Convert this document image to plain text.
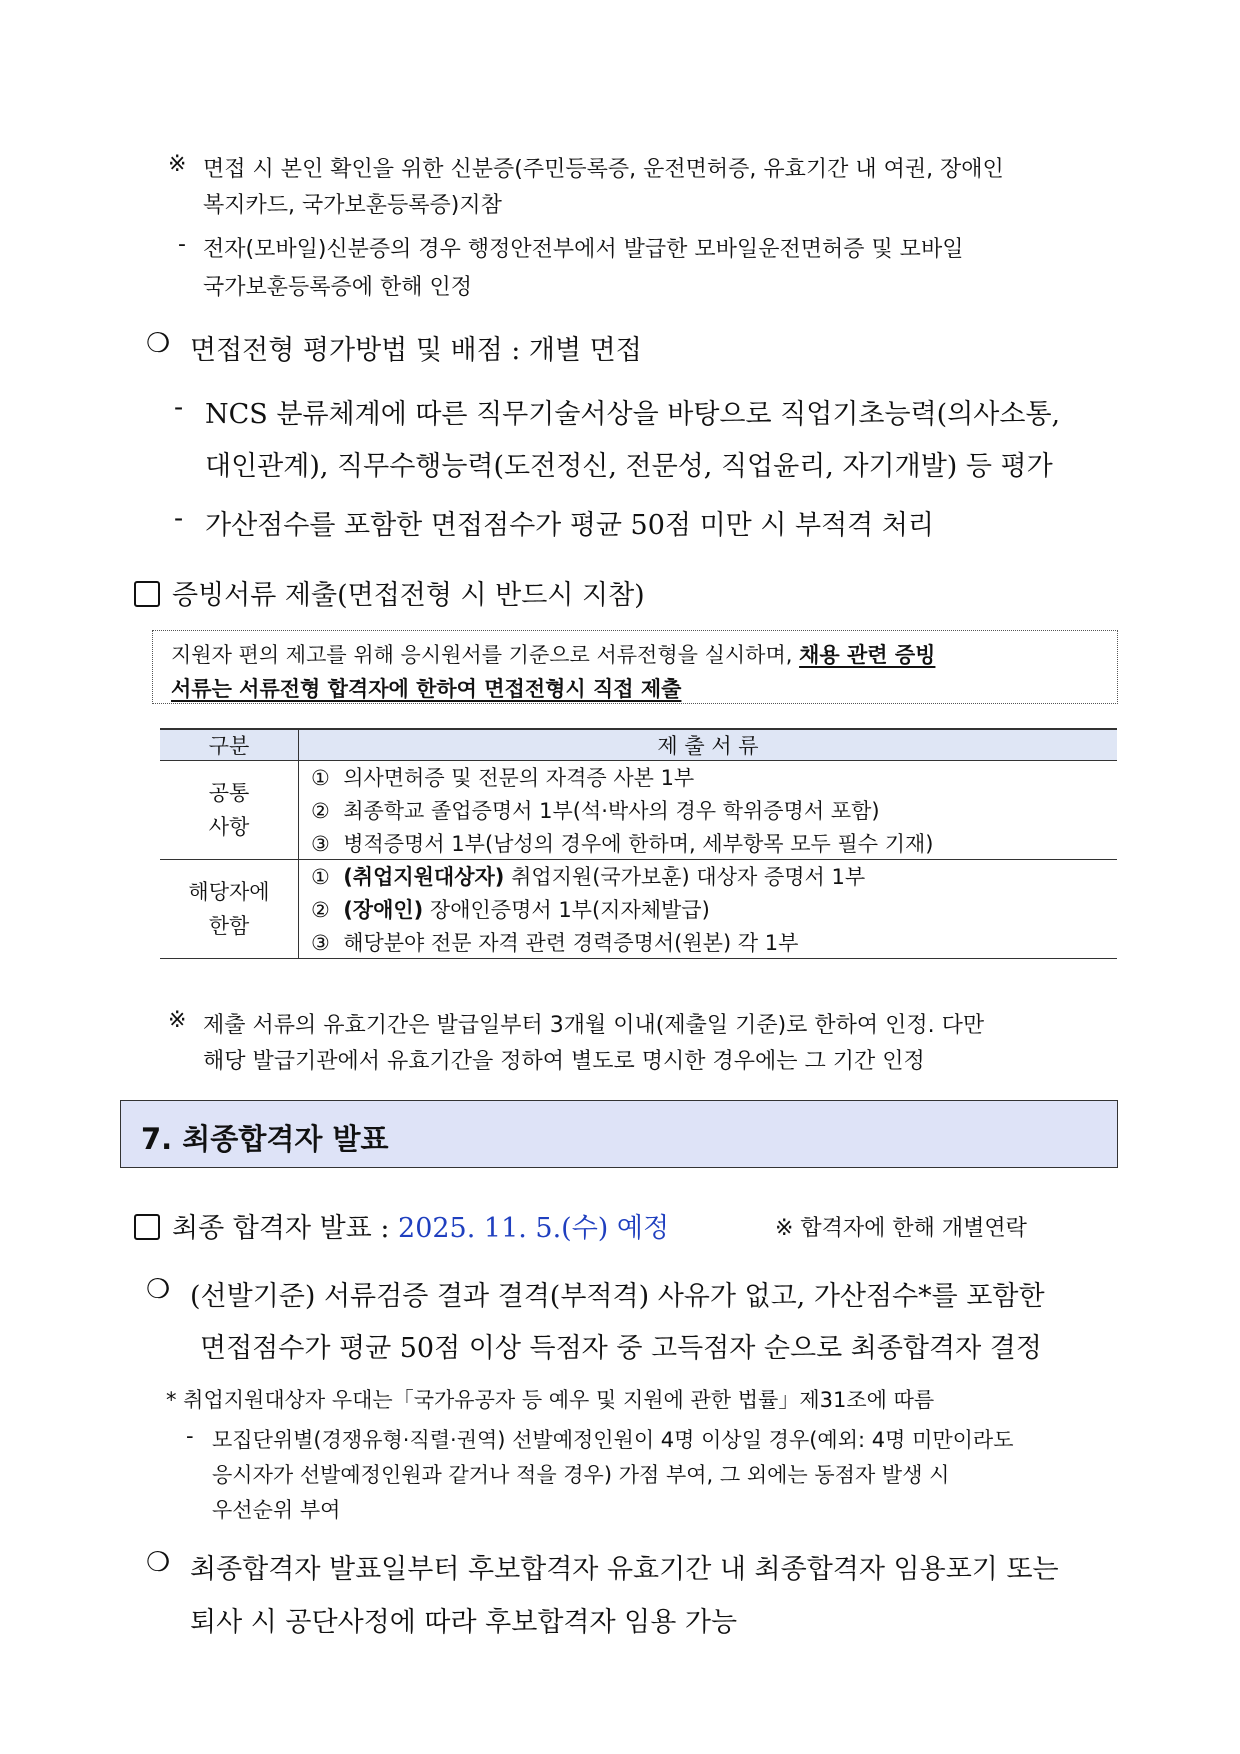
※ 면접 시 본인 확인을 위한 신분증(주민등록증, 운전면허증, 유효기간 내 여권, 장애인
복지카드, 국가보훈등록증)지참
- 전자(모바일)신분증의 경우 행정안전부에서 발급한 모바일운전면허증 및 모바일
국가보훈등록증에 한해 인정
❍ 면접전형 평가방법 및 배점 : 개별 면접
- NCS 분류체계에 따른 직무기술서상을 바탕으로 직업기초능력(의사소통,
대인관계), 직무수행능력(도전정신, 전문성, 직업윤리, 자기개발) 등 평가
- 가산점수를 포함한 면접점수가 평균 50점 미만 시 부적격 처리
증빙서류 제출(면접전형 시 반드시 지참)
지원자 편의 제고를 위해 응시원서를 기준으로 서류전형을 실시하며, 채용 관련 증빙
서류는 서류전형 합격자에 한하여 면접전형시 직접 제출
구분	제 출 서 류

공통
사항	① 의사면허증 및 전문의 자격증 사본 1부
	② 최종학교 졸업증명서 1부(석·박사의 경우 학위증명서 포함)
	③ 병적증명서 1부(남성의 경우에 한하며, 세부항목 모두 필수 기재)

해당자에
한함	① (취업지원대상자) 취업지원(국가보훈) 대상자 증명서 1부
	② (장애인) 장애인증명서 1부(지자체발급)
	③ 해당분야 전문 자격 관련 경력증명서(원본) 각 1부
※ 제출 서류의 유효기간은 발급일부터 3개월 이내(제출일 기준)로 한하여 인정. 다만
해당 발급기관에서 유효기간을 정하여 별도로 명시한 경우에는 그 기간 인정
7. 최종합격자 발표
최종 합격자 발표 : 2025. 11. 5.(수) 예정	※ 합격자에 한해 개별연락
❍ (선발기준) 서류검증 결과 결격(부적격) 사유가 없고, 가산점수*를 포함한
면접점수가 평균 50점 이상 득점자 중 고득점자 순으로 최종합격자 결정
* 취업지원대상자 우대는「국가유공자 등 예우 및 지원에 관한 법률」제31조에 따름
- 모집단위별(경쟁유형·직렬·권역) 선발예정인원이 4명 이상일 경우(예외: 4명 미만이라도
응시자가 선발예정인원과 같거나 적을 경우) 가점 부여, 그 외에는 동점자 발생 시
우선순위 부여
❍ 최종합격자 발표일부터 후보합격자 유효기간 내 최종합격자 임용포기 또는
퇴사 시 공단사정에 따라 후보합격자 임용 가능
